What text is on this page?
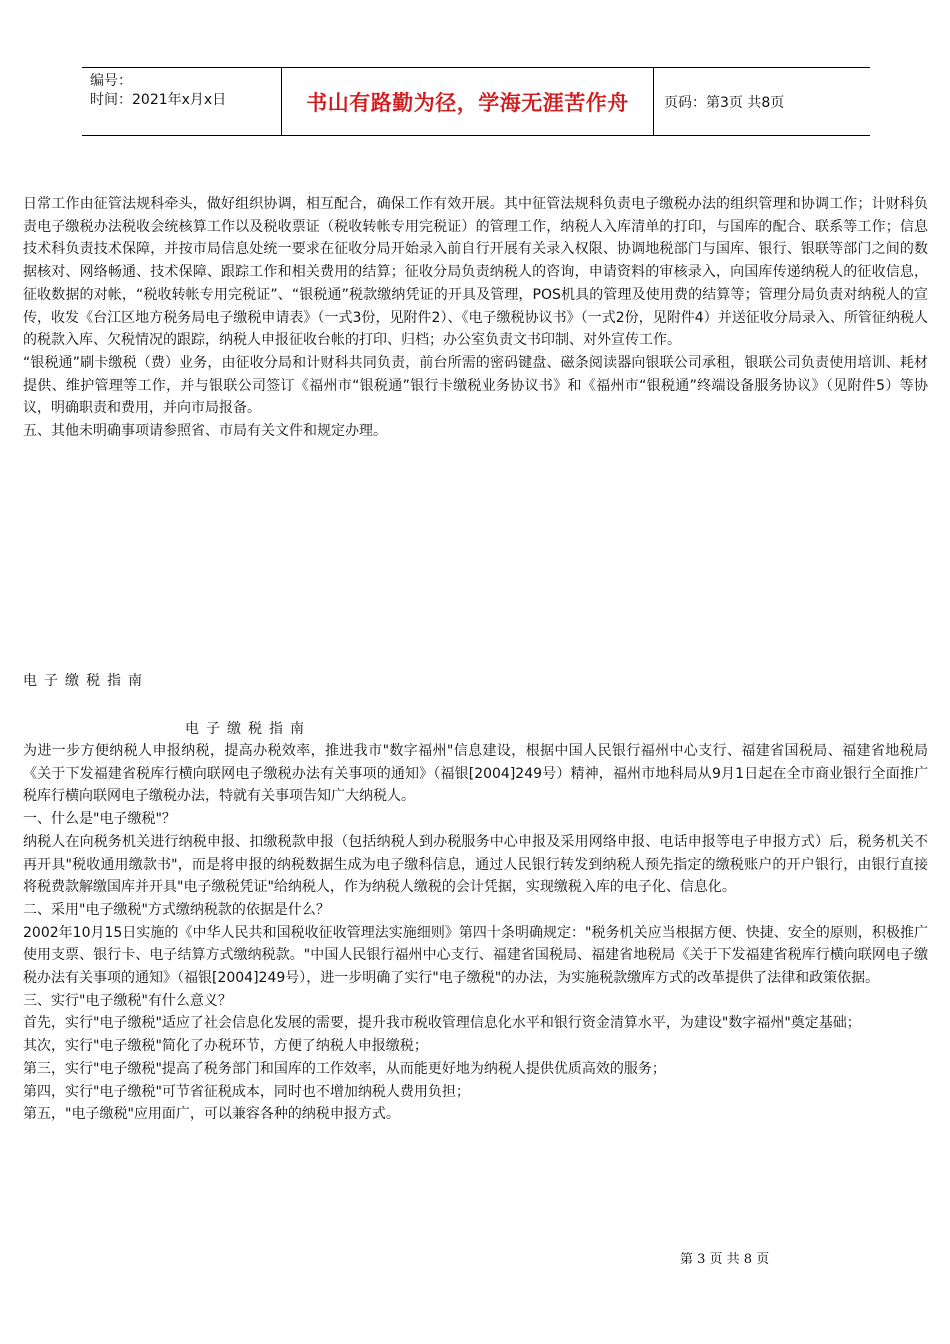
编号：
时间：2021年x月x日	书山有路勤为径，学海无涯苦作舟	页码：第3页 共8页

日常工作由征管法规科牵头，做好组织协调，相互配合，确保工作有效开展。其中征管法规科负责电子缴税办法的组织管理和协调工作；计财科负责电子缴税办法税收会统核算工作以及税收票证（税收转帐专用完税证）的管理工作，纳税人入库清单的打印，与国库的配合、联系等工作；信息技术科负责技术保障，并按市局信息处统一要求在征收分局开始录入前自行开展有关录入权限、协调地税部门与国库、银行、银联等部门之间的数据核对、网络畅通、技术保障、跟踪工作和相关费用的结算；征收分局负责纳税人的咨询，申请资料的审核录入，向国库传递纳税人的征收信息，征收数据的对帐，“税收转帐专用完税证”、“银税通”税款缴纳凭证的开具及管理，POS机具的管理及使用费的结算等；管理分局负责对纳税人的宣传，收发《台江区地方税务局电子缴税申请表》（一式3份，见附件2）、《电子缴税协议书》（一式2份，见附件4）并送征收分局录入、所管征纳税人的税款入库、欠税情况的跟踪，纳税人申报征收台帐的打印、归档；办公室负责文书印制、对外宣传工作。

“银税通”刷卡缴税（费）业务，由征收分局和计财科共同负责，前台所需的密码键盘、磁条阅读器向银联公司承租，银联公司负责使用培训、耗材提供、维护管理等工作，并与银联公司签订《福州市“银税通”银行卡缴税业务协议书》和《福州市“银税通”终端设备服务协议》（见附件5）等协议，明确职责和费用，并向市局报备。

五、其他未明确事项请参照省、市局有关文件和规定办理。

电子缴税指南
电子缴税指南

为进一步方便纳税人申报纳税，提高办税效率，推进我市"数字福州"信息建设，根据中国人民银行福州中心支行、福建省国税局、福建省地税局《关于下发福建省税库行横向联网电子缴税办法有关事项的通知》（福银[2004]249号）精神，福州市地科局从9月1日起在全市商业银行全面推广税库行横向联网电子缴税办法，特就有关事项告知广大纳税人。

一、什么是"电子缴税"？

纳税人在向税务机关进行纳税申报、扣缴税款申报（包括纳税人到办税服务中心申报及采用网络申报、电话申报等电子申报方式）后，税务机关不再开具"税收通用缴款书"，而是将申报的纳税数据生成为电子缴科信息，通过人民银行转发到纳税人预先指定的缴税账户的开户银行，由银行直接将税费款解缴国库并开具"电子缴税凭证"给纳税人，作为纳税人缴税的会计凭据，实现缴税入库的电子化、信息化。

二、采用"电子缴税"方式缴纳税款的依据是什么？

2002年10月15日实施的《中华人民共和国税收征收管理法实施细则》第四十条明确规定："税务机关应当根据方便、快捷、安全的原则，积极推广使用支票、银行卡、电子结算方式缴纳税款。"中国人民银行福州中心支行、福建省国税局、福建省地税局《关于下发福建省税库行横向联网电子缴税办法有关事项的通知》（福银[2004]249号），进一步明确了实行"电子缴税"的办法，为实施税款缴库方式的改革提供了法律和政策依据。

三、实行"电子缴税"有什么意义？

首先，实行"电子缴税"适应了社会信息化发展的需要，提升我市税收管理信息化水平和银行资金清算水平，为建设"数字福州"奠定基础；

其次，实行"电子缴税"简化了办税环节，方便了纳税人申报缴税；

第三，实行"电子缴税"提高了税务部门和国库的工作效率，从而能更好地为纳税人提供优质高效的服务；

第四，实行"电子缴税"可节省征税成本，同时也不增加纳税人费用负担；

第五，"电子缴税"应用面广，可以兼容各种的纳税申报方式。

第 3 页 共 8 页
